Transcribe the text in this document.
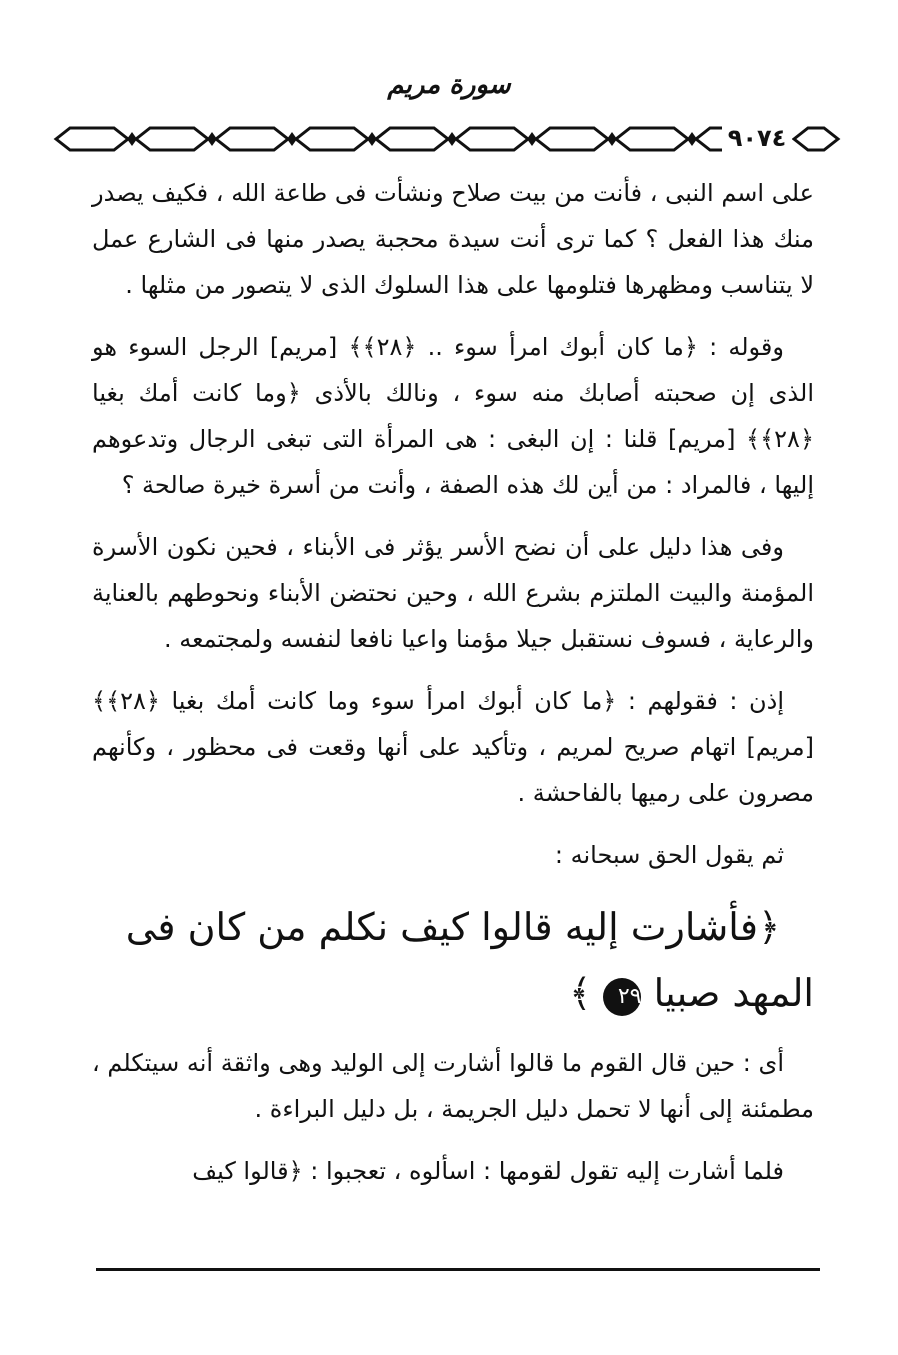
سورة مريم
٩٠٧٤

على اسم النبى ، فأنت من بيت صلاح ونشأت فى طاعة الله ، فكيف يصدر منك هذا الفعل ؟ كما ترى أنت سيدة محجبة يصدر منها فى الشارع عمل لا يتناسب ومظهرها فتلومها على هذا السلوك الذى لا يتصور من مثلها .

وقوله : ﴿ما كان أبوك امرأ سوء .. ﴿٢٨﴾﴾ [مريم] الرجل السوء هو الذى إن صحبته أصابك منه سوء ، ونالك بالأذى ﴿وما كانت أمك بغيا ﴿٢٨﴾﴾ [مريم] قلنا : إن البغى : هى المرأة التى تبغى الرجال وتدعوهم إليها ، فالمراد : من أين لك هذه الصفة ، وأنت من أسرة خيرة صالحة ؟

وفى هذا دليل على أن نضح الأسر يؤثر فى الأبناء ، فحين نكون الأسرة المؤمنة والبيت الملتزم بشرع الله ، وحين نحتضن الأبناء ونحوطهم بالعناية والرعاية ، فسوف نستقبل جيلا مؤمنا واعيا نافعا لنفسه ولمجتمعه .

إذن : فقولهم : ﴿ما كان أبوك امرأ سوء وما كانت أمك بغيا ﴿٢٨﴾﴾ [مريم] اتهام صريح لمريم ، وتأكيد على أنها وقعت فى محظور ، وكأنهم مصرون على رميها بالفاحشة .

ثم يقول الحق سبحانه :

﴿فأشارت إليه قالوا كيف نكلم من كان فى المهد صبيا ٢٩ ﴾

أى : حين قال القوم ما قالوا أشارت إلى الوليد وهى واثقة أنه سيتكلم ، مطمئنة إلى أنها لا تحمل دليل الجريمة ، بل دليل البراءة .

فلما أشارت إليه تقول لقومها : اسألوه ، تعجبوا : ﴿قالوا كيف
